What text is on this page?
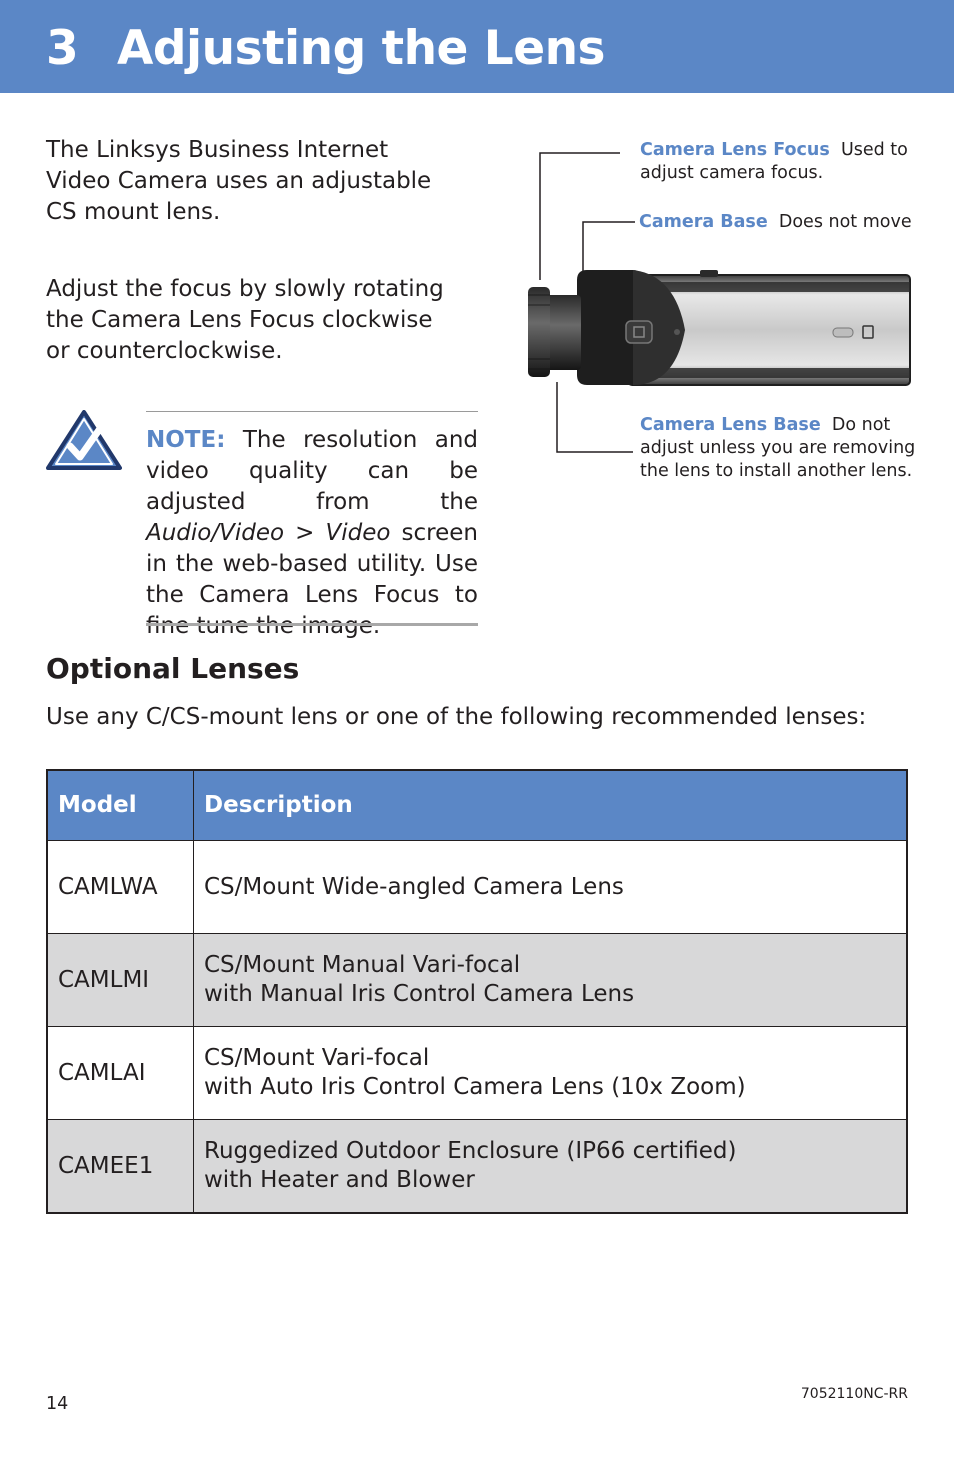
3 Adjusting the Lens

The Linksys Business Internet Video Camera uses an adjustable CS mount lens.

Adjust the focus by slowly rotating the Camera Lens Focus clockwise or counterclockwise.

NOTE: The resolution and video quality can be adjusted from the Audio/Video > Video screen in the web-based utility. Use the Camera Lens Focus to fine tune the image.

Camera Lens Focus Used to adjust camera focus.

Camera Base Does not move

Camera Lens Base Do not adjust unless you are removing the lens to install another lens.

Optional Lenses

Use any C/CS-mount lens or one of the following recommended lenses:

Model	Description
CAMLWA	CS/Mount Wide-angled Camera Lens

CAMLMI	CS/Mount Manual Vari-focal
with Manual Iris Control Camera Lens

CAMLAI	CS/Mount Vari-focal
with Auto Iris Control Camera Lens (10x Zoom)

CAMEE1	Ruggedized Outdoor Enclosure (IP66 certified)
with Heater and Blower
14	7052110NC-RR
